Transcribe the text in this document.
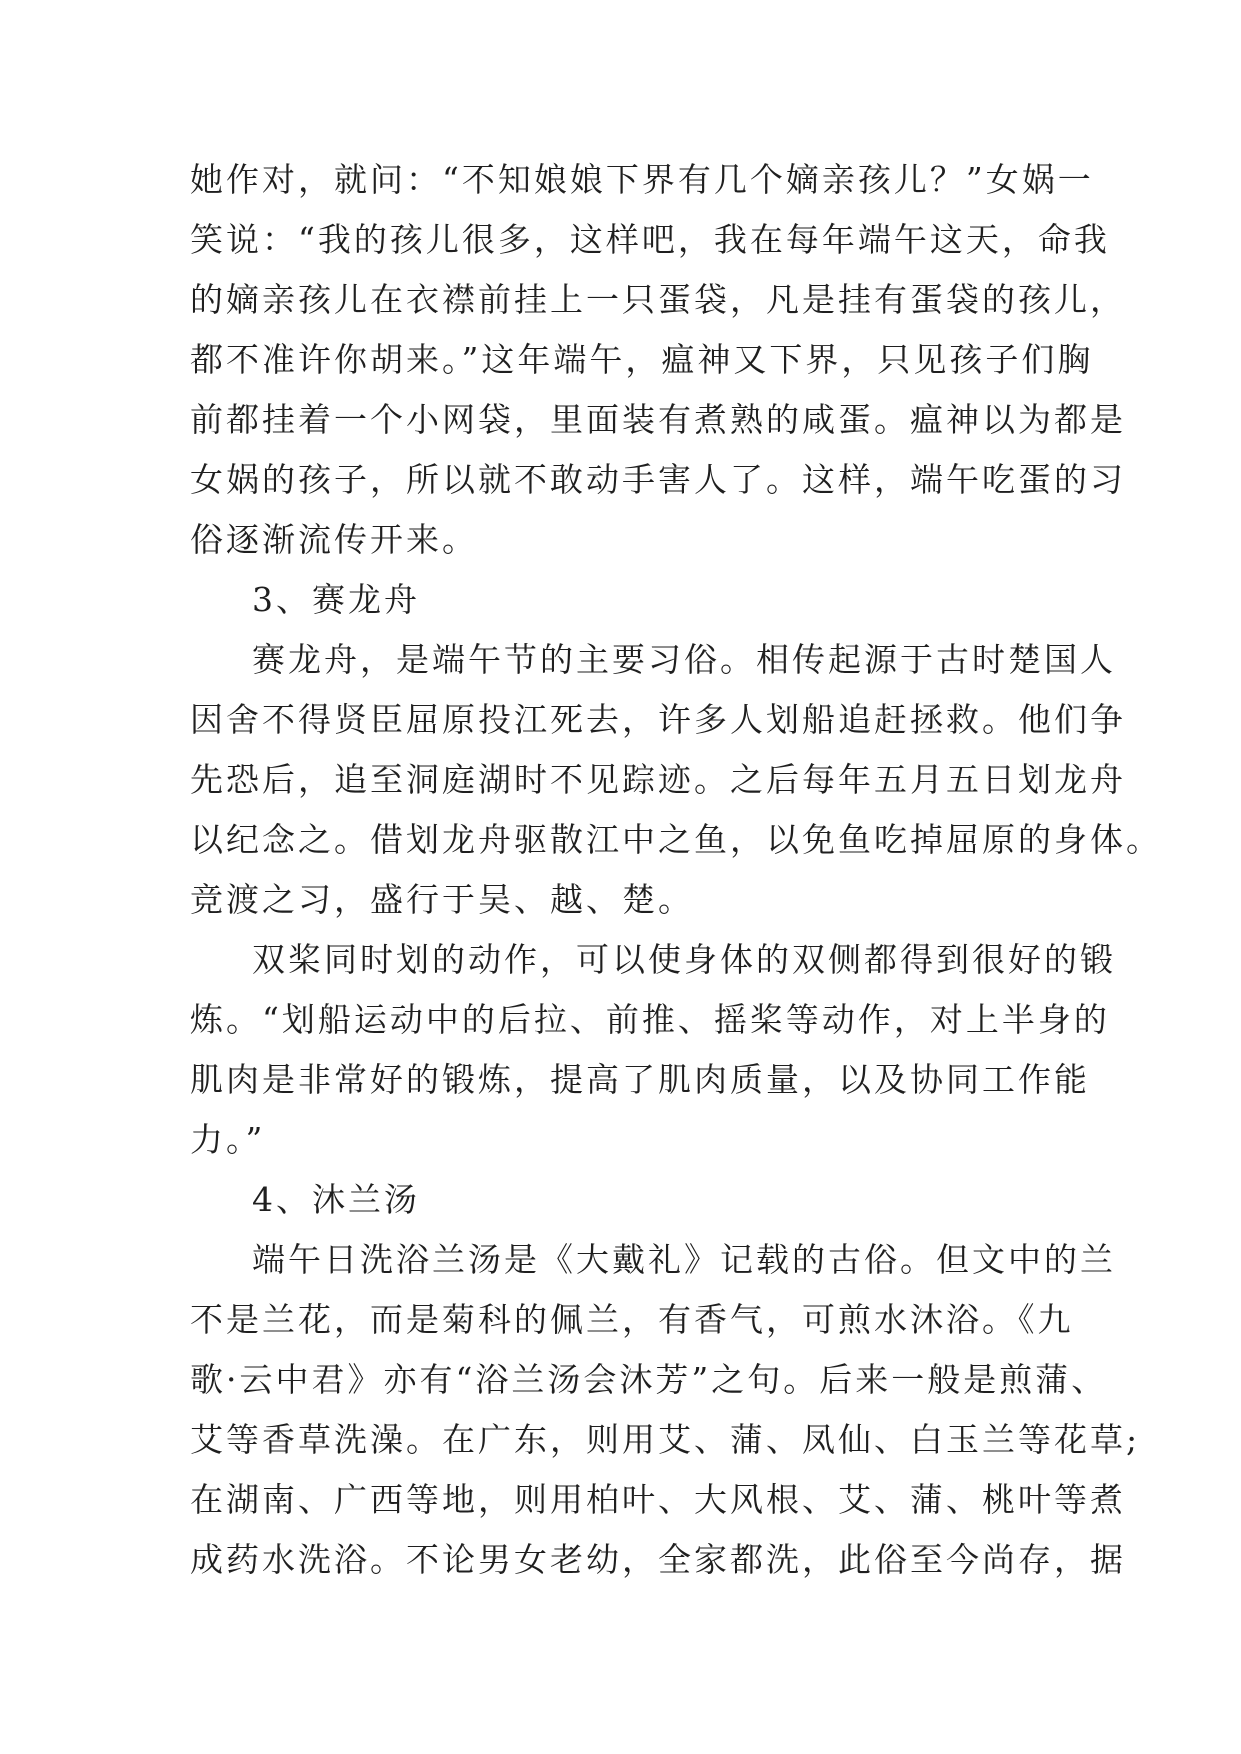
她作对，就问：“不知娘娘下界有几个嫡亲孩儿？”女娲一
笑说：“我的孩儿很多，这样吧，我在每年端午这天，命我
的嫡亲孩儿在衣襟前挂上一只蛋袋，凡是挂有蛋袋的孩儿，
都不准许你胡来。”这年端午，瘟神又下界，只见孩子们胸
前都挂着一个小网袋，里面装有煮熟的咸蛋。瘟神以为都是
女娲的孩子，所以就不敢动手害人了。这样，端午吃蛋的习
俗逐渐流传开来。
3、赛龙舟
赛龙舟，是端午节的主要习俗。相传起源于古时楚国人
因舍不得贤臣屈原投江死去，许多人划船追赶拯救。他们争
先恐后，追至洞庭湖时不见踪迹。之后每年五月五日划龙舟
以纪念之。借划龙舟驱散江中之鱼，以免鱼吃掉屈原的身体。
竞渡之习，盛行于吴、越、楚。
双桨同时划的动作，可以使身体的双侧都得到很好的锻
炼。“划船运动中的后拉、前推、摇桨等动作，对上半身的
肌肉是非常好的锻炼，提高了肌肉质量，以及协同工作能
力。”
4、沐兰汤
端午日洗浴兰汤是《大戴礼》记载的古俗。但文中的兰
不是兰花，而是菊科的佩兰，有香气，可煎水沐浴。《九
歌·云中君》亦有“浴兰汤会沐芳”之句。后来一般是煎蒲、
艾等香草洗澡。在广东，则用艾、蒲、凤仙、白玉兰等花草;
在湖南、广西等地，则用柏叶、大风根、艾、蒲、桃叶等煮
成药水洗浴。不论男女老幼，全家都洗，此俗至今尚存，据
